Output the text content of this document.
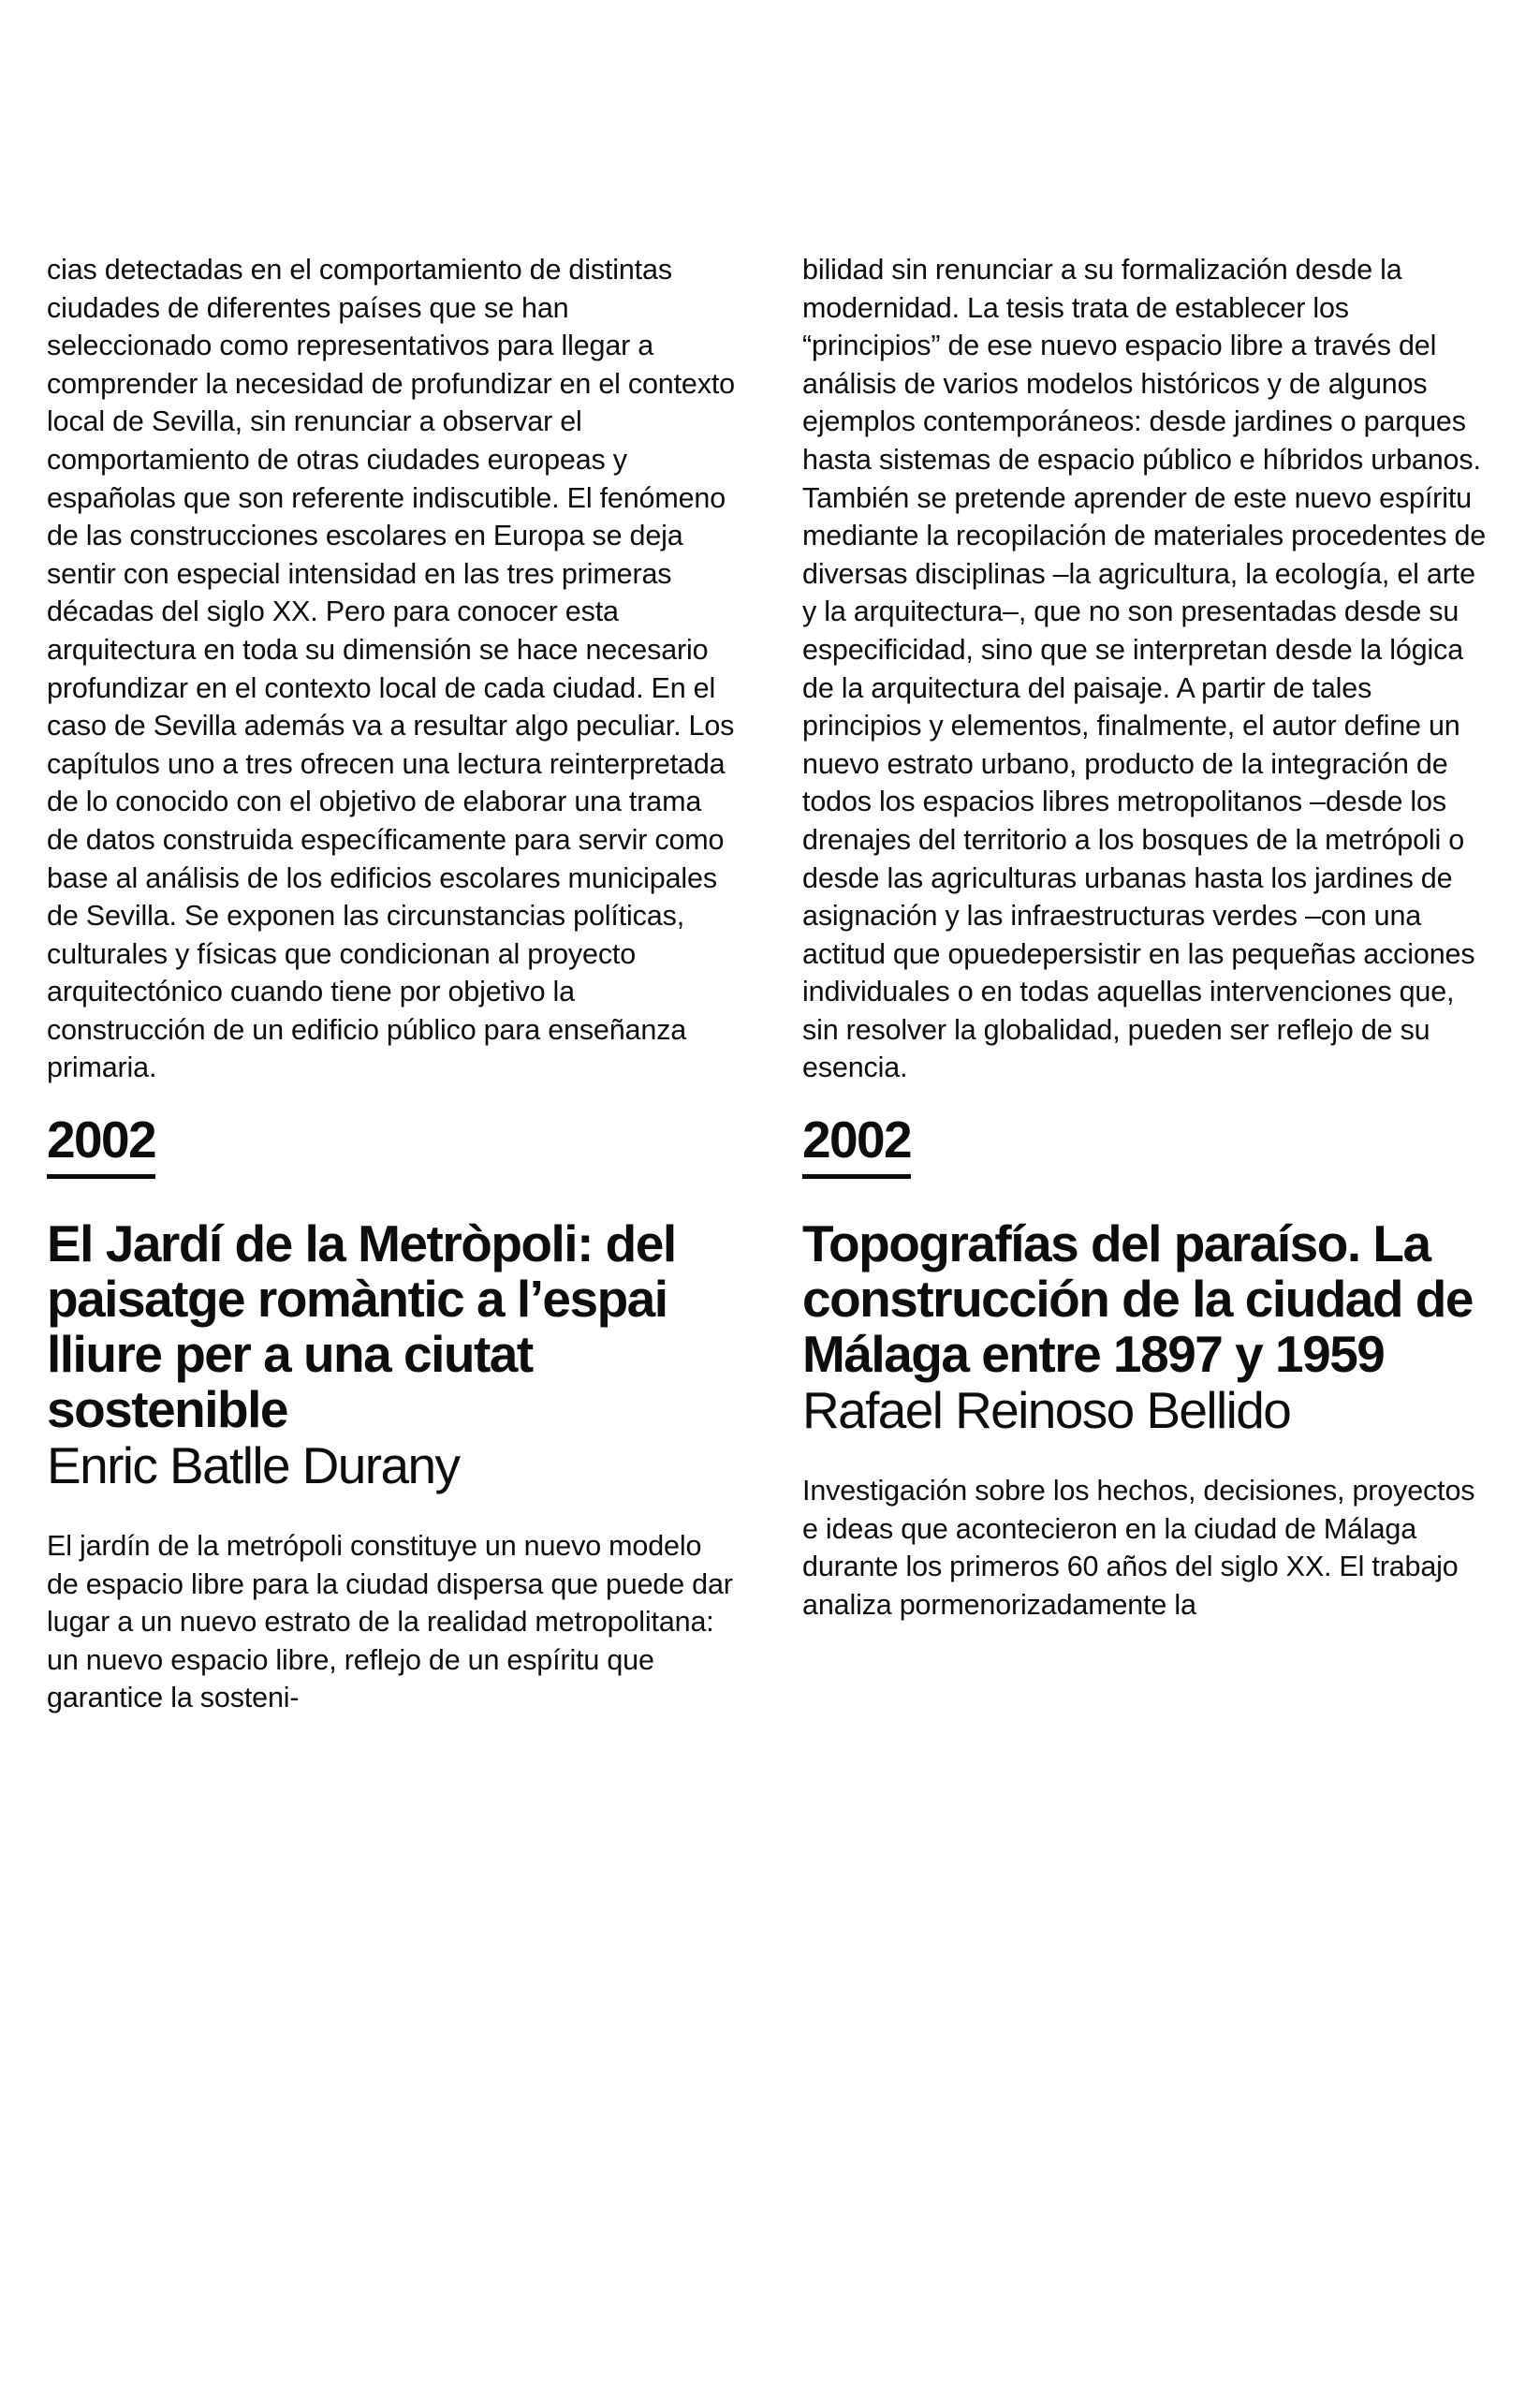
cias detectadas en el comportamiento de distintas ciudades de diferentes países que se han seleccionado como representativos para llegar a comprender la necesidad de profundizar en el contexto local de Sevilla, sin renunciar a observar el comportamiento de otras ciudades europeas y españolas que son referente indiscutible. El fenómeno de las construcciones escolares en Europa se deja sentir con especial intensidad en las tres primeras décadas del siglo XX. Pero para conocer esta arquitectura en toda su dimensión se hace necesario profundizar en el contexto local de cada ciudad. En el caso de Sevilla además va a resultar algo peculiar. Los capítulos uno a tres ofrecen una lectura reinterpretada de lo conocido con el objetivo de elaborar una trama de datos construida específicamente para servir como base al análisis de los edificios escolares municipales de Sevilla. Se exponen las circunstancias políticas, culturales y físicas que condicionan al proyecto arquitectónico cuando tiene por objetivo la construcción de un edificio público para enseñanza primaria.

2002
El Jardí de la Metròpoli: del paisatge romàntic a l’espai lliure per a una ciutat sostenible
Enric Batlle Durany

El jardín de la metrópoli constituye un nuevo modelo de espacio libre para la ciudad dispersa que puede dar lugar a un nuevo estrato de la realidad metropolitana: un nuevo espacio libre, reflejo de un espíritu que garantice la sosteni-

bilidad sin renunciar a su formalización desde la modernidad. La tesis trata de establecer los “principios” de ese nuevo espacio libre a través del análisis de varios modelos históricos y de algunos ejemplos contemporáneos: desde jardines o parques hasta sistemas de espacio público e híbridos urbanos. También se pretende aprender de este nuevo espíritu mediante la recopilación de materiales procedentes de diversas disciplinas –la agricultura, la ecología, el arte y la arquitectura–, que no son presentadas desde su especificidad, sino que se interpretan desde la lógica de la arquitectura del paisaje. A partir de tales principios y elementos, finalmente, el autor define un nuevo estrato urbano, producto de la integración de todos los espacios libres metropolitanos –desde los drenajes del territorio a los bosques de la metrópoli o desde las agriculturas urbanas hasta los jardines de asignación y las infraestructuras verdes –con una actitud que opuedepersistir en las pequeñas acciones individuales o en todas aquellas intervenciones que, sin resolver la globalidad, pueden ser reflejo de su esencia.

2002
Topografías del paraíso. La construcción de la ciudad de Málaga entre 1897 y 1959
Rafael Reinoso Bellido

Investigación sobre los hechos, decisiones, proyectos e ideas que acontecieron en la ciudad de Málaga durante los primeros 60 años del siglo XX. El trabajo analiza pormenorizadamente la
